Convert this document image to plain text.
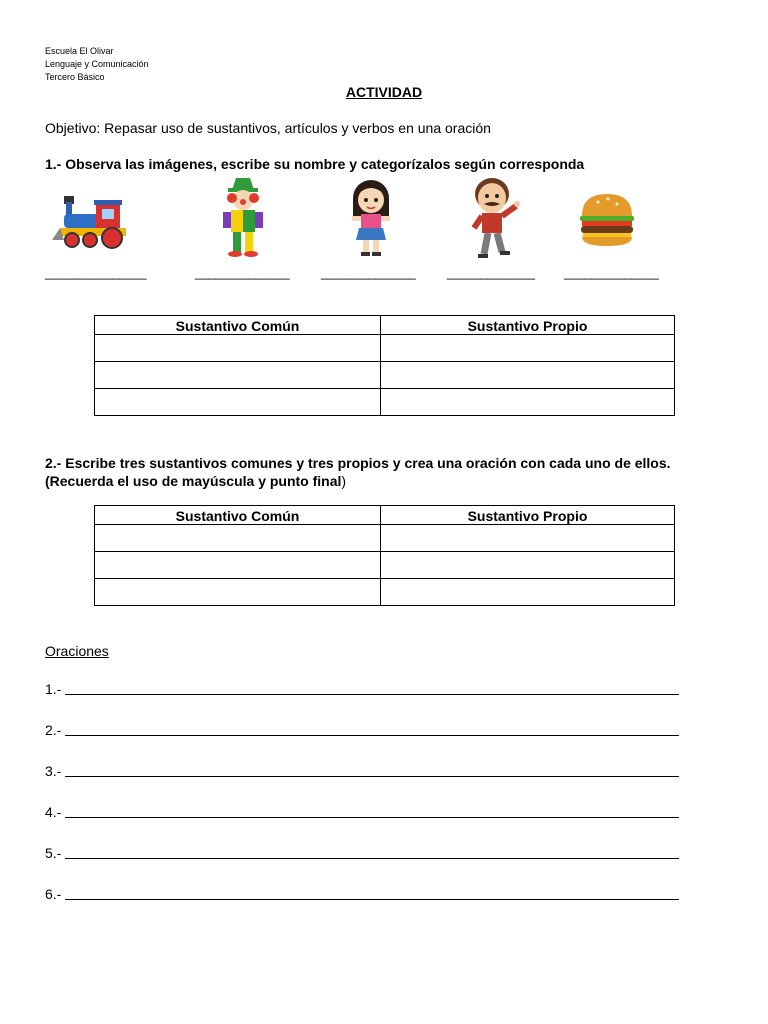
Escuela El Olivar
Lenguaje y Comunicación
Tercero Básico
ACTIVIDAD
Objetivo: Repasar uso de sustantivos, artículos y verbos en una oración
1.- Observa las imágenes, escribe su nombre y categorízalos según corresponda
_______________	______________ ______________ _____________ ______________
Sustantivo Común	Sustantivo Propio

2.- Escribe tres sustantivos comunes y tres propios y crea una oración con cada uno de ellos.
(Recuerda el uso de mayúscula y punto final)
Sustantivo Común	Sustantivo Propio

Oraciones
1.-
2.-
3.-
4.-
5.-
6.-
